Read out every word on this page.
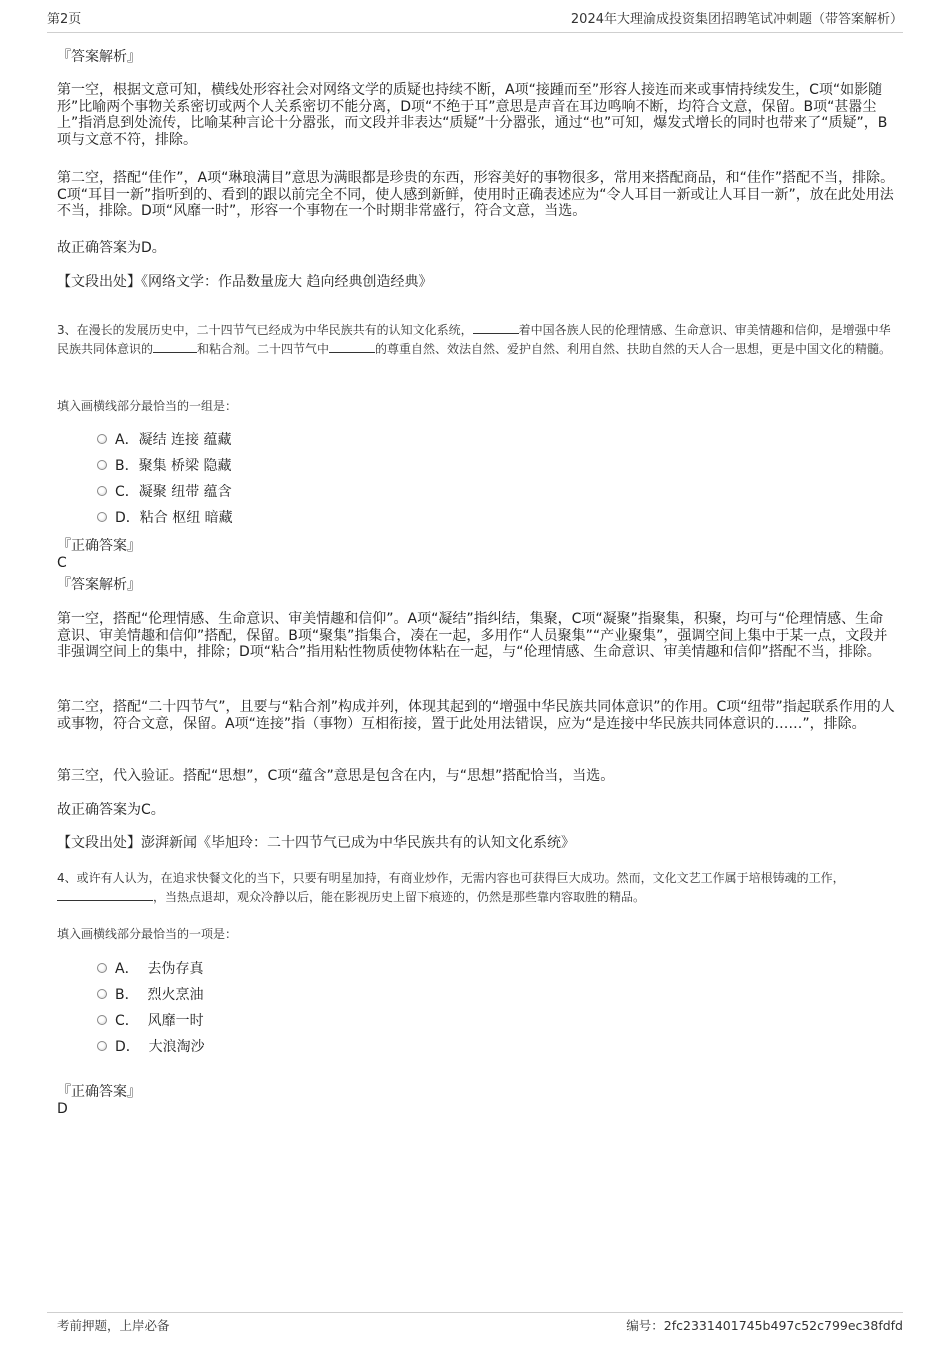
第2页	2024年大理渝成投资集团招聘笔试冲刺题（带答案解析）
『答案解析』

第一空，根据文意可知，横线处形容社会对网络文学的质疑也持续不断，A项“接踵而至”形容人接连而来或事情持续发生，C项“如影随形”比喻两个事物关系密切或两个人关系密切不能分离，D项“不绝于耳”意思是声音在耳边鸣响不断，均符合文意，保留。B项“甚嚣尘上”指消息到处流传，比喻某种言论十分嚣张，而文段并非表达“质疑”十分嚣张，通过“也”可知，爆发式增长的同时也带来了“质疑”，B项与文意不符，排除。

第二空，搭配“佳作”，A项“琳琅满目”意思为满眼都是珍贵的东西，形容美好的事物很多，常用来搭配商品，和“佳作”搭配不当，排除。C项“耳目一新”指听到的、看到的跟以前完全不同，使人感到新鲜，使用时正确表述应为“令人耳目一新或让人耳目一新”，放在此处用法不当，排除。D项“风靡一时”，形容一个事物在一个时期非常盛行，符合文意，当选。

故正确答案为D。
【文段出处】《网络文学：作品数量庞大 趋向经典创造经典》

3、在漫长的发展历史中，二十四节气已经成为中华民族共有的认知文化系统，	着中国各族人民的伦理情感、生命意识、审美情趣和信仰，是增强中华民族共同体意识的	和粘合剂。二十四节气中	的尊重自然、效法自然、爱护自然、利用自然、扶助自然的天人合一思想，更是中国文化的精髓。

填入画横线部分最恰当的一组是：
A．凝结 连接 蕴藏
B．聚集 桥梁 隐藏
C．凝聚 纽带 蕴含
D．粘合 枢纽 暗藏
『正确答案』
C
『答案解析』

第一空，搭配“伦理情感、生命意识、审美情趣和信仰”。A项“凝结”指纠结，集聚，C项“凝聚”指聚集，积聚，均可与“伦理情感、生命意识、审美情趣和信仰”搭配，保留。B项“聚集”指集合，凑在一起，多用作“人员聚集”“产业聚集”，强调空间上集中于某一点，文段并非强调空间上的集中，排除；D项“粘合”指用粘性物质使物体粘在一起，与“伦理情感、生命意识、审美情趣和信仰”搭配不当，排除。

第二空，搭配“二十四节气”，且要与“粘合剂”构成并列，体现其起到的“增强中华民族共同体意识”的作用。C项“纽带”指起联系作用的人或事物，符合文意，保留。A项“连接”指（事物）互相衔接，置于此处用法错误，应为“是连接中华民族共同体意识的……”，排除。

第三空，代入验证。搭配“思想”，C项“蕴含”意思是包含在内，与“思想”搭配恰当，当选。
故正确答案为C。
【文段出处】澎湃新闻《毕旭玲：二十四节气已成为中华民族共有的认知文化系统》

4、或许有人认为，在追求快餐文化的当下，只要有明星加持，有商业炒作，无需内容也可获得巨大成功。然而，文化文艺工作属于培根铸魂的工作，，当热点退却，观众冷静以后，能在影视历史上留下痕迹的，仍然是那些靠内容取胜的精品。

填入画横线部分最恰当的一项是：
A．  去伪存真
B．  烈火烹油
C．  风靡一时
D．  大浪淘沙
『正确答案』
D
考前押题，上岸必备	编号：2fc2331401745b497c52c799ec38fdfd
